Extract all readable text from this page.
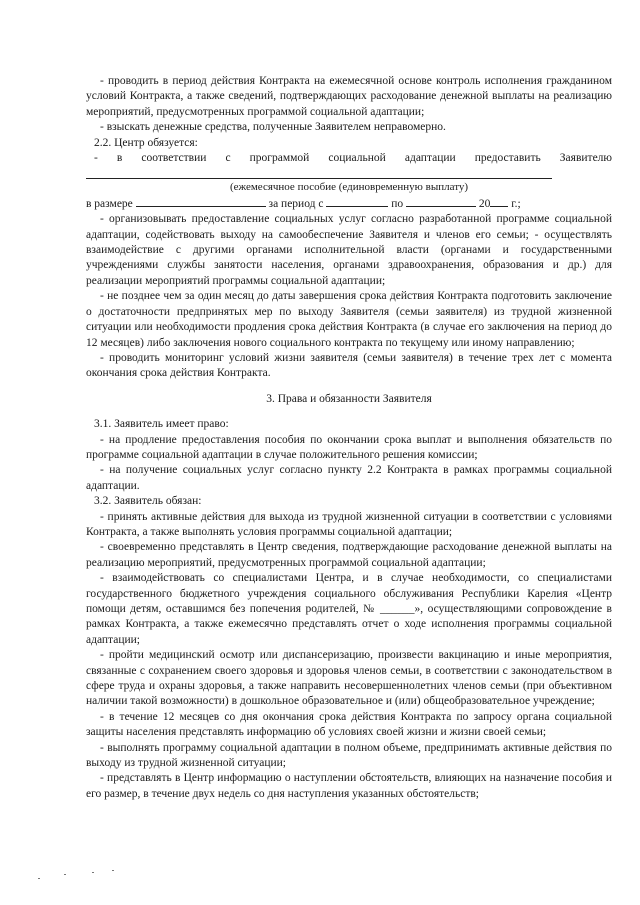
- проводить в период действия Контракта на ежемесячной основе контроль исполнения гражданином условий Контракта, а также сведений, подтверждающих расходование денежной выплаты на реализацию мероприятий, предусмотренных программой социальной адаптации;

- взыскать денежные средства, полученные Заявителем неправомерно.

2.2. Центр обязуется:

- в соответствии с программой социальной адаптации предоставить Заявителю

(ежемесячное пособие (единовременную выплату)

в размере	за период с	по	20 г.;

- организовывать предоставление социальных услуг согласно разработанной программе социальной адаптации, содействовать выходу на самообеспечение Заявителя и членов его семьи; - осуществлять взаимодействие с другими органами исполнительной власти (органами и государственными учреждениями службы занятости населения, органами здравоохранения, образования и др.) для реализации мероприятий программы социальной адаптации;

- не позднее чем за один месяц до даты завершения срока действия Контракта подготовить заключение о достаточности предпринятых мер по выходу Заявителя (семьи заявителя) из трудной жизненной ситуации или необходимости продления срока действия Контракта (в случае его заключения на период до 12 месяцев) либо заключения нового социального контракта по текущему или иному направлению;

- проводить мониторинг условий жизни заявителя (семьи заявителя) в течение трех лет с момента окончания срока действия Контракта.

3. Права и обязанности Заявителя

3.1. Заявитель имеет право:

- на продление предоставления пособия по окончании срока выплат и выполнения обязательств по программе социальной адаптации в случае положительного решения комиссии;

- на получение социальных услуг согласно пункту 2.2 Контракта в рамках программы социальной адаптации.

3.2. Заявитель обязан:

- принять активные действия для выхода из трудной жизненной ситуации в соответствии с условиями Контракта, а также выполнять условия программы социальной адаптации;

- своевременно представлять в Центр сведения, подтверждающие расходование денежной выплаты на реализацию мероприятий, предусмотренных программой социальной адаптации;

- взаимодействовать со специалистами Центра, и в случае необходимости, со специалистами государственного бюджетного учреждения социального обслуживания Республики Карелия «Центр помощи детям, оставшимся без попечения родителей, № ______», осуществляющими сопровождение в рамках Контракта, а также ежемесячно представлять отчет о ходе исполнения программы социальной адаптации;

- пройти медицинский осмотр или диспансеризацию, произвести вакцинацию и иные мероприятия, связанные с сохранением своего здоровья и здоровья членов семьи, в соответствии с законодательством в сфере труда и охраны здоровья, а также направить несовершеннолетних членов семьи (при объективном наличии такой возможности) в дошкольное образовательное и (или) общеобразовательное учреждение;

- в течение 12 месяцев со дня окончания срока действия Контракта по запросу органа социальной защиты населения представлять информацию об условиях своей жизни и жизни своей семьи;

- выполнять программу социальной адаптации в полном объеме, предпринимать активные действия по выходу из трудной жизненной ситуации;

- представлять в Центр информацию о наступлении обстоятельств, влияющих на назначение пособия и его размер, в течение двух недель со дня наступления указанных обстоятельств;
